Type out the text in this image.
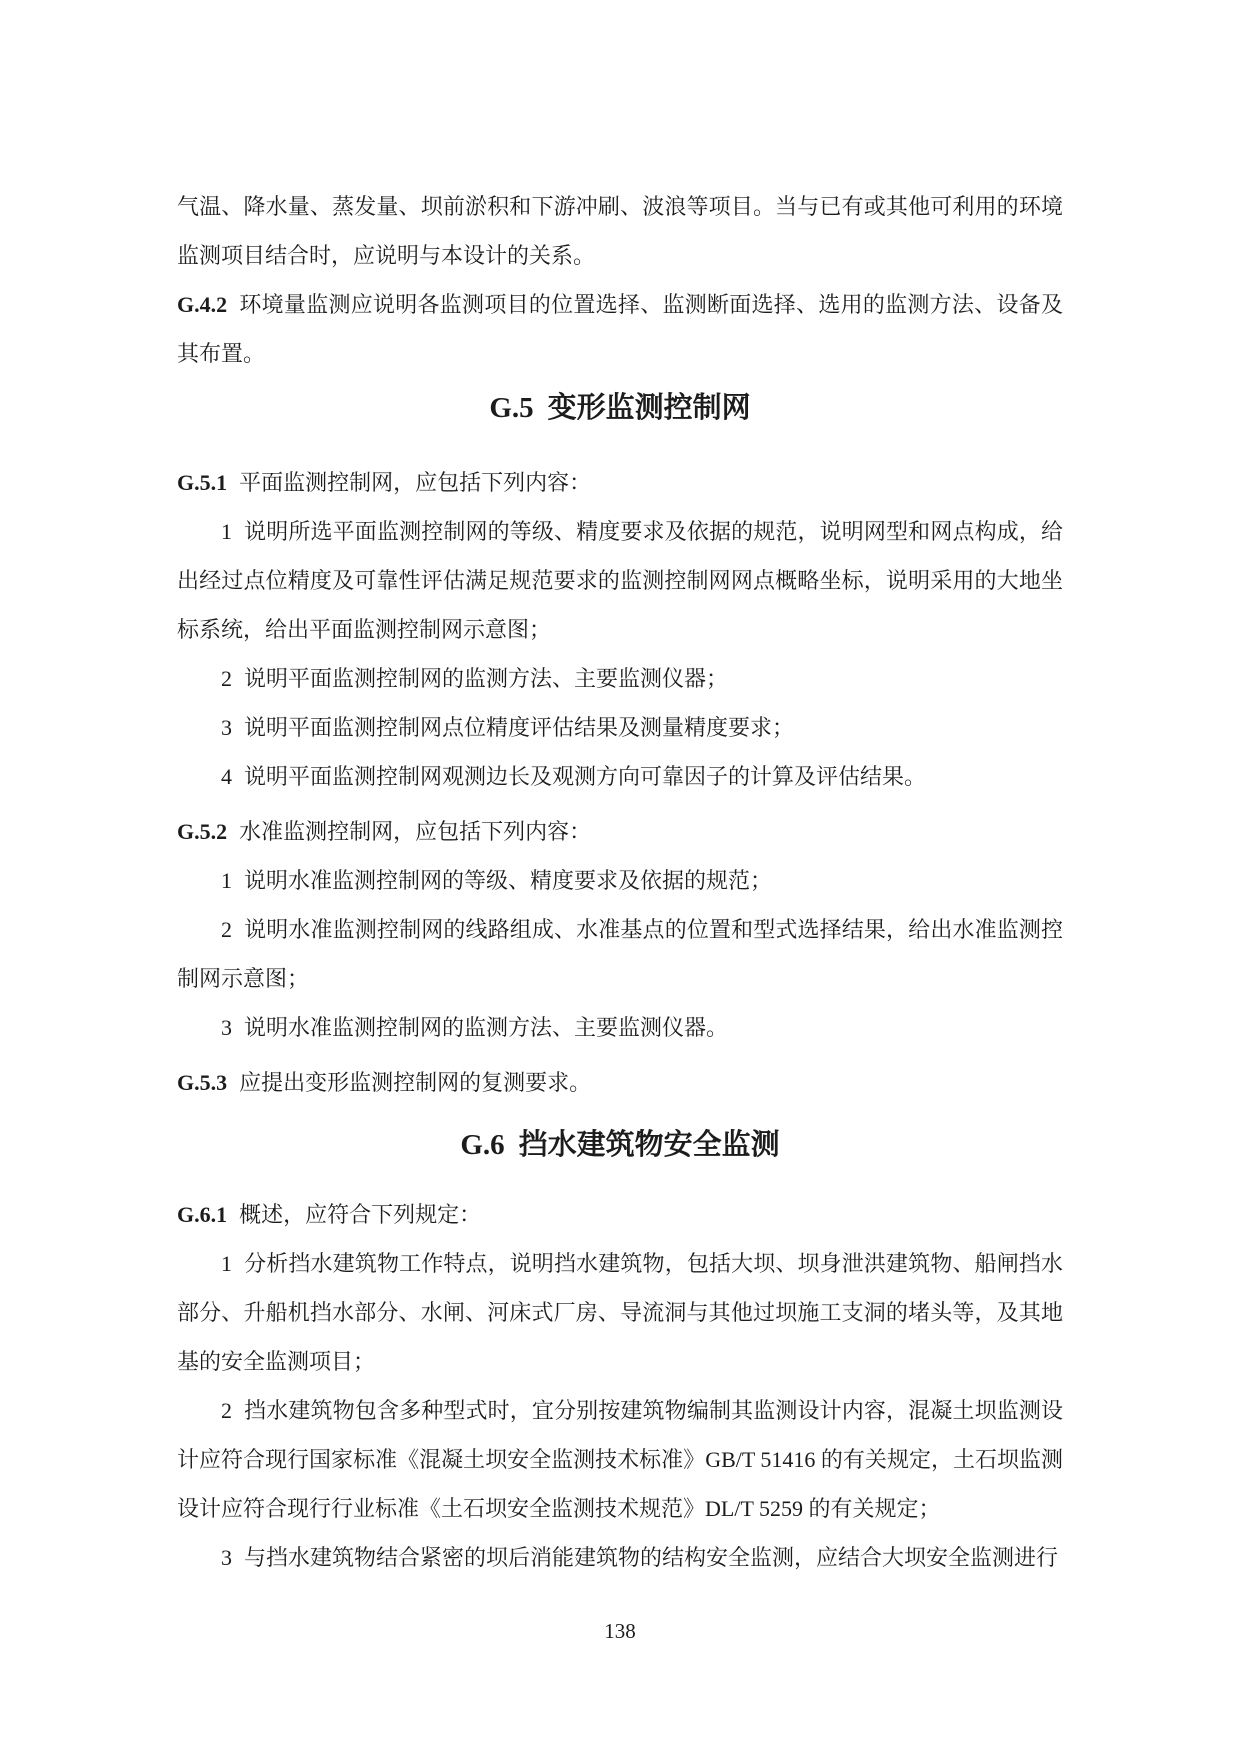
气温、降水量、蒸发量、坝前淤积和下游冲刷、波浪等项目。当与已有或其他可利用的环境监测项目结合时，应说明与本设计的关系。

G.4.2 环境量监测应说明各监测项目的位置选择、监测断面选择、选用的监测方法、设备及其布置。

G.5 变形监测控制网

G.5.1 平面监测控制网，应包括下列内容：

1 说明所选平面监测控制网的等级、精度要求及依据的规范，说明网型和网点构成，给出经过点位精度及可靠性评估满足规范要求的监测控制网网点概略坐标，说明采用的大地坐标系统，给出平面监测控制网示意图；

2 说明平面监测控制网的监测方法、主要监测仪器；

3 说明平面监测控制网点位精度评估结果及测量精度要求；

4 说明平面监测控制网观测边长及观测方向可靠因子的计算及评估结果。

G.5.2 水准监测控制网，应包括下列内容：

1 说明水准监测控制网的等级、精度要求及依据的规范；

2 说明水准监测控制网的线路组成、水准基点的位置和型式选择结果，给出水准监测控制网示意图；

3 说明水准监测控制网的监测方法、主要监测仪器。

G.5.3 应提出变形监测控制网的复测要求。

G.6 挡水建筑物安全监测

G.6.1 概述，应符合下列规定：

1 分析挡水建筑物工作特点，说明挡水建筑物，包括大坝、坝身泄洪建筑物、船闸挡水部分、升船机挡水部分、水闸、河床式厂房、导流洞与其他过坝施工支洞的堵头等，及其地基的安全监测项目；

2 挡水建筑物包含多种型式时，宜分别按建筑物编制其监测设计内容，混凝土坝监测设计应符合现行国家标准《混凝土坝安全监测技术标准》GB/T 51416 的有关规定，土石坝监测设计应符合现行行业标准《土石坝安全监测技术规范》DL/T 5259 的有关规定；

3 与挡水建筑物结合紧密的坝后消能建筑物的结构安全监测，应结合大坝安全监测进行

138
